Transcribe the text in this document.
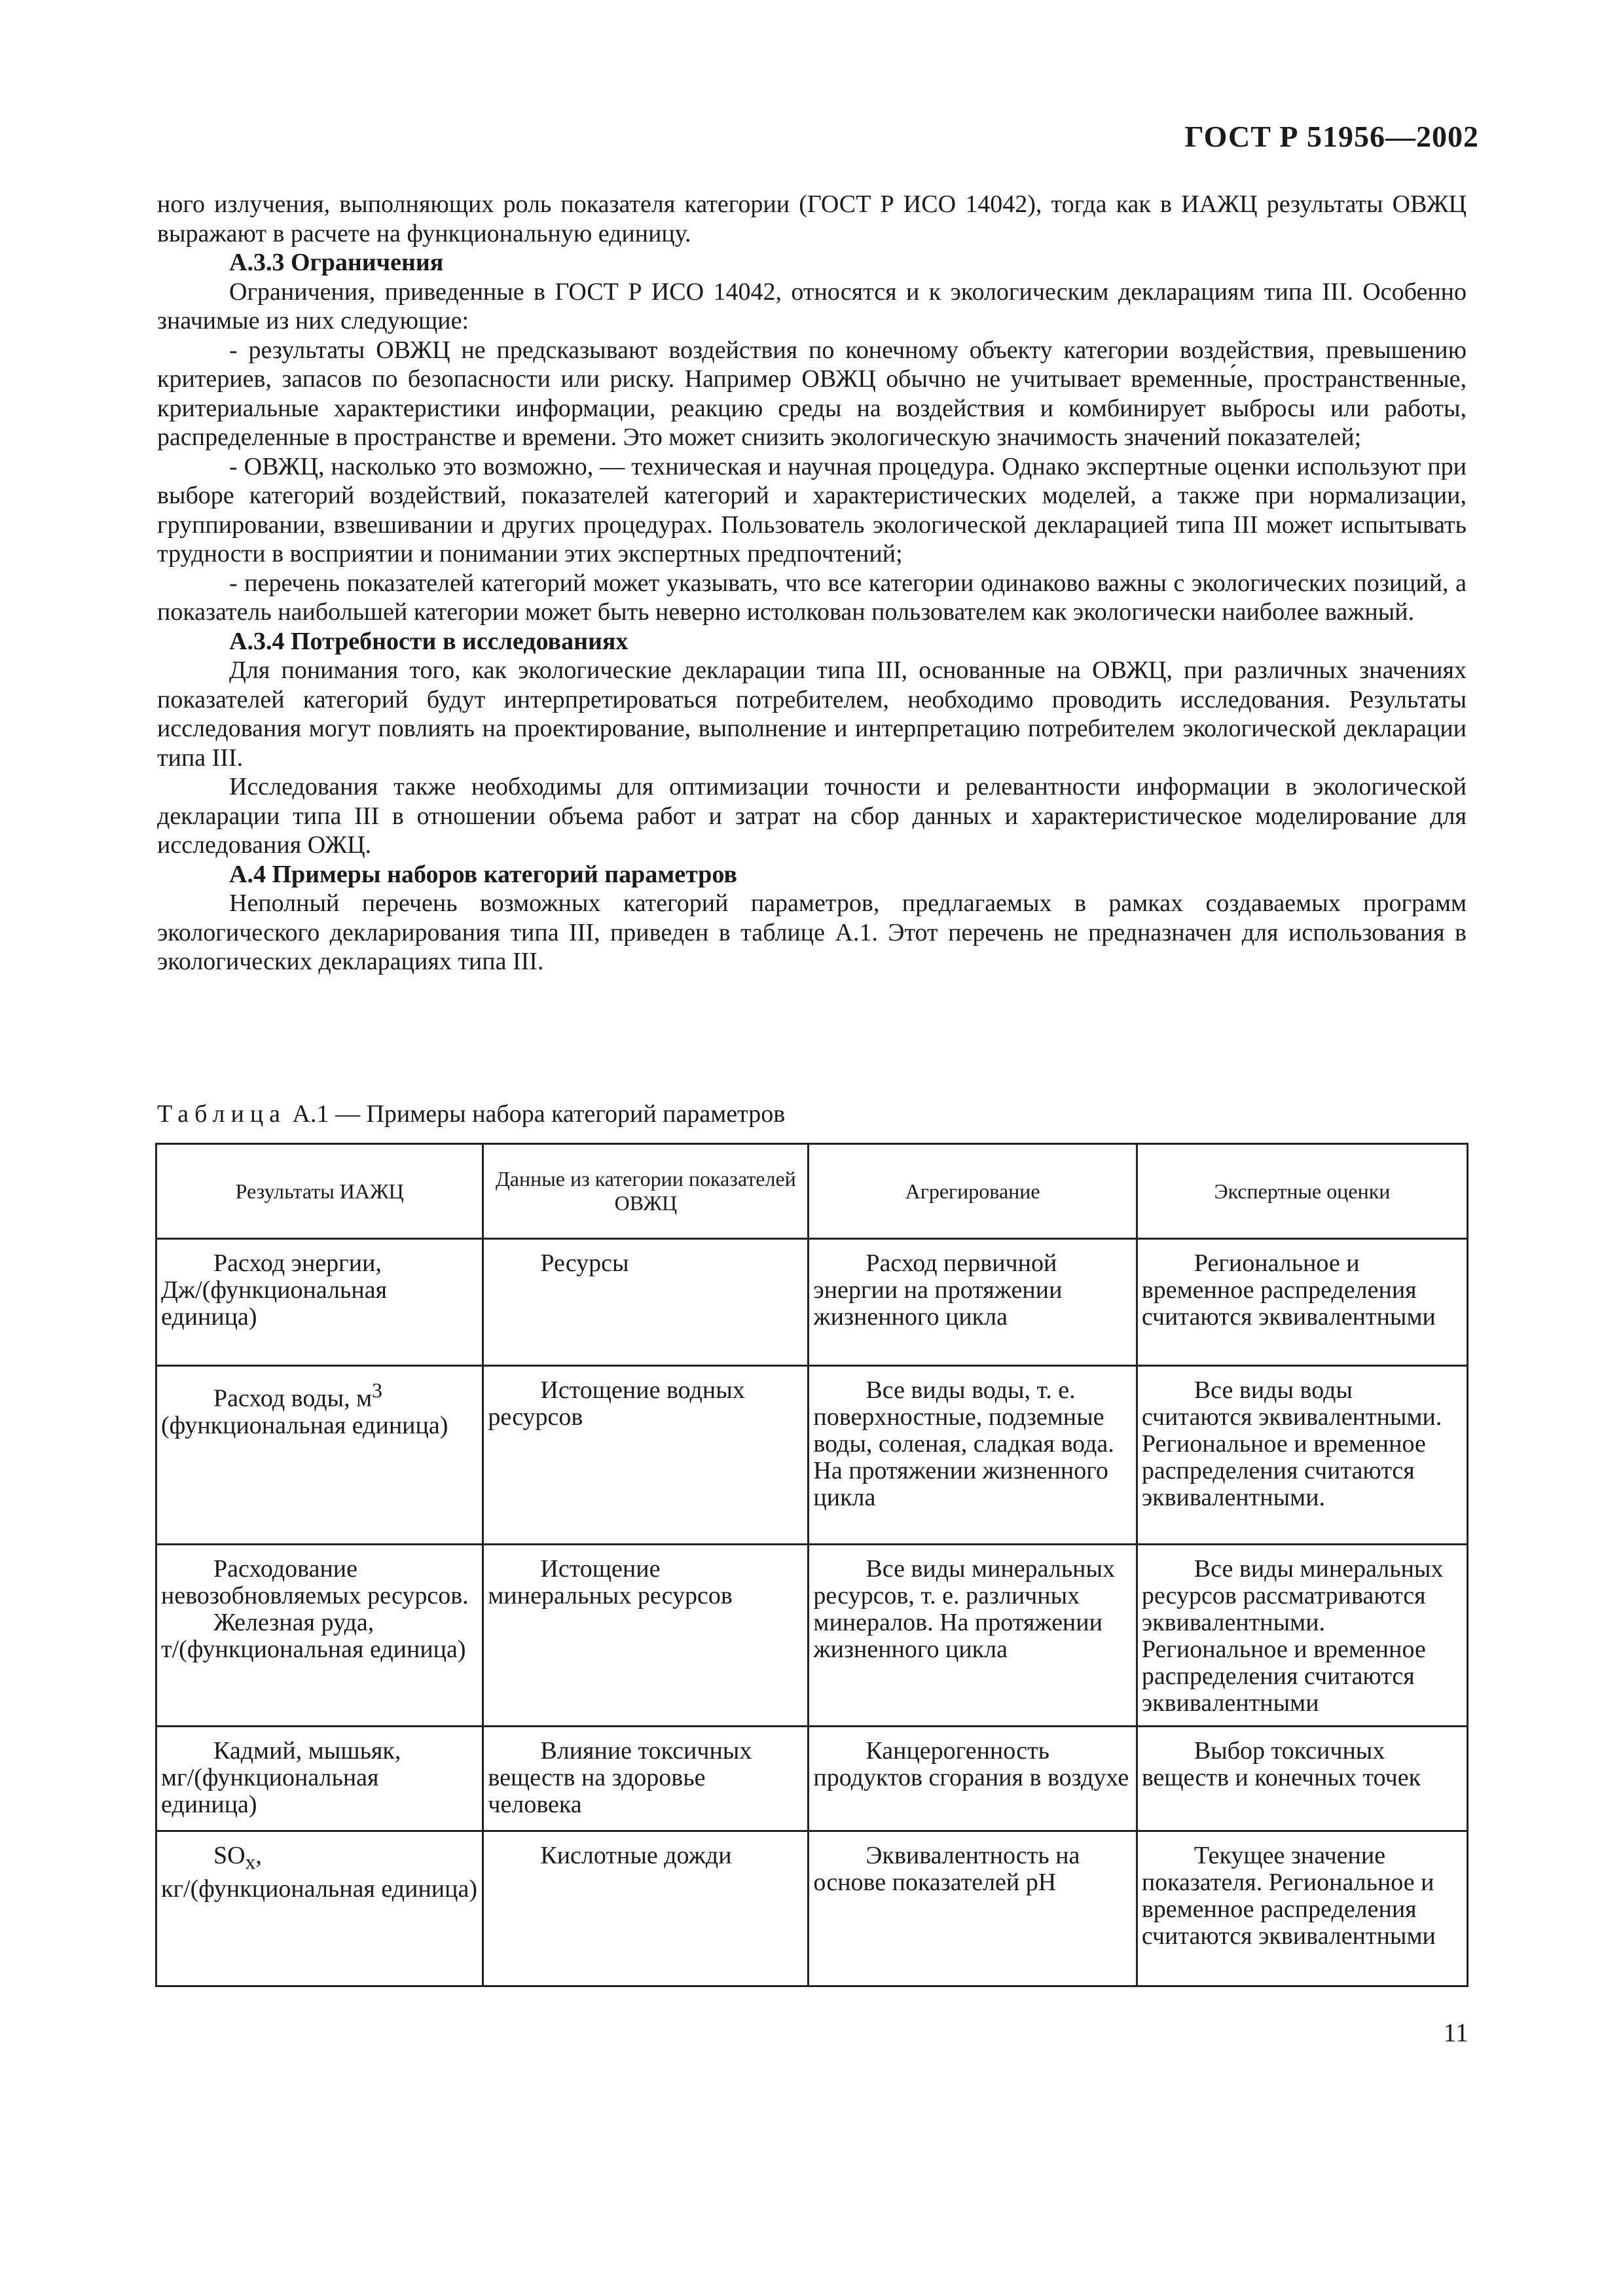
ГОСТ Р 51956—2002

ного излучения, выполняющих роль показателя категории (ГОСТ Р ИСО 14042), тогда как в ИАЖЦ результаты ОВЖЦ выражают в расчете на функциональную единицу.

А.3.3 Ограничения

Ограничения, приведенные в ГОСТ Р ИСО 14042, относятся и к экологическим декларациям типа III. Особенно значимые из них следующие:

- результаты ОВЖЦ не предсказывают воздействия по конечному объекту категории воздействия, превышению критериев, запасов по безопасности или риску. Например ОВЖЦ обычно не учитывает временны́е, пространственные, критериальные характеристики информации, реакцию среды на воздействия и комбинирует выбросы или работы, распределенные в пространстве и времени. Это может снизить экологическую значимость значений показателей;

- ОВЖЦ, насколько это возможно, — техническая и научная процедура. Однако экспертные оценки используют при выборе категорий воздействий, показателей категорий и характеристических моделей, а также при нормализации, группировании, взвешивании и других процедурах. Пользователь экологической декларацией типа III может испытывать трудности в восприятии и понимании этих экспертных предпочтений;

- перечень показателей категорий может указывать, что все категории одинаково важны с экологических позиций, а показатель наибольшей категории может быть неверно истолкован пользователем как экологически наиболее важный.

А.3.4 Потребности в исследованиях

Для понимания того, как экологические декларации типа III, основанные на ОВЖЦ, при различных значениях показателей категорий будут интерпретироваться потребителем, необходимо проводить исследования. Результаты исследования могут повлиять на проектирование, выполнение и интерпретацию потребителем экологической декларации типа III.

Исследования также необходимы для оптимизации точности и релевантности информации в экологической декларации типа III в отношении объема работ и затрат на сбор данных и характеристическое моделирование для исследования ОЖЦ.

А.4 Примеры наборов категорий параметров

Неполный перечень возможных категорий параметров, предлагаемых в рамках создаваемых программ экологического декларирования типа III, приведен в таблице А.1. Этот перечень не предназначен для использования в экологических декларациях типа III.

Таблица А.1 — Примеры набора категорий параметров
Результаты ИАЖЦ	Данные из категории показателей ОВЖЦ	Агрегирование	Экспертные оценки

Расход энергии, Дж/(функциональная единица)	Ресурсы	Расход первичной энергии на протяжении жизненного цикла	Региональное и временное распределения считаются эквивалентными

Расход воды, $м^3$ (функциональная единица)	Истощение водных ресурсов	Все виды воды, т. е. поверхностные, подземные воды, соленая, сладкая вода. На протяжении жизненного цикла	Все виды воды считаются эквивалентными. Региональное и временное распределения считаются эквивалентными.

Расходование невозобновляемых ресурсов.
Железная руда, т/(функциональная единица)	Истощение минеральных ресурсов	Все виды минеральных ресурсов, т. е. различных минералов. На протяжении жизненного цикла	Все виды минеральных ресурсов рассматриваются эквивалентными. Региональное и временное распределения считаются эквивалентными

Кадмий, мышьяк, мг/(функциональная единица)	Влияние токсичных веществ на здоровье человека	Канцерогенность продуктов сгорания в воздухе	Выбор токсичных веществ и конечных точек

$SO_x$, кг/(функциональная единица)	Кислотные дожди	Эквивалентность на основе показателей pH	Текущее значение показателя. Региональное и временное распределения считаются эквивалентными
11
